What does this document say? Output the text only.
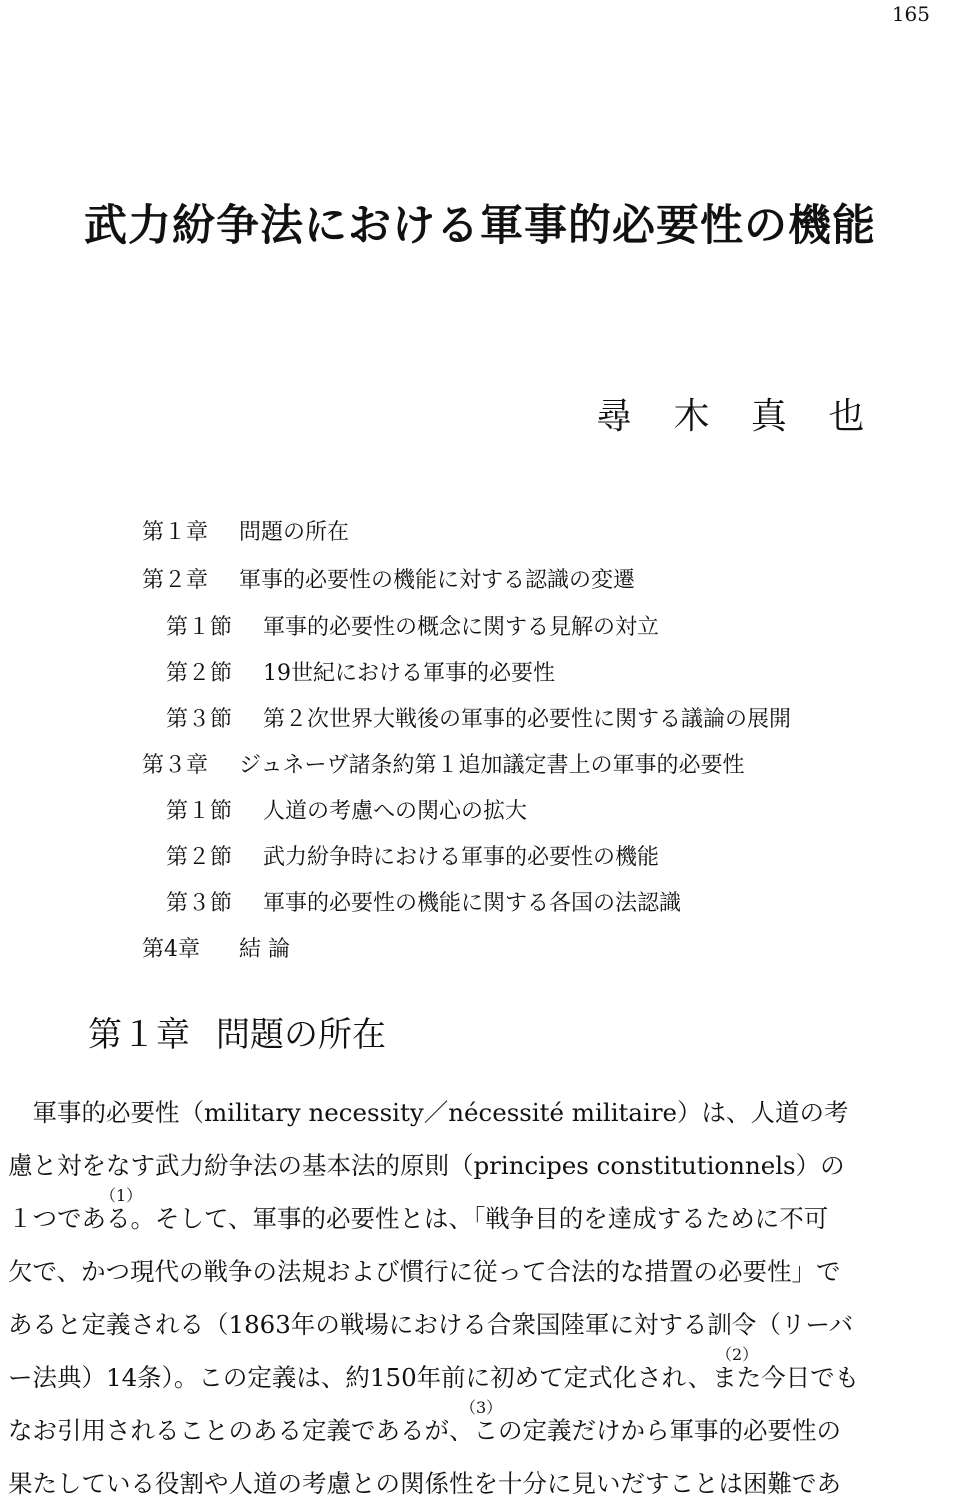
165
武力紛争法における軍事的必要性の機能
尋 木 真 也
第１章 問題の所在
第２章 軍事的必要性の機能に対する認識の変遷
第１節 軍事的必要性の概念に関する見解の対立
第２節 19世紀における軍事的必要性
第３節 第２次世界大戦後の軍事的必要性に関する議論の展開
第３章 ジュネーヴ諸条約第１追加議定書上の軍事的必要性
第１節 人道の考慮への関心の拡大
第２節 武力紛争時における軍事的必要性の機能
第３節 軍事的必要性の機能に関する各国の法認識
第4章 結 論
第１章 問題の所在
　軍事的必要性（military necessity／nécessité militaire）は、人道の考
慮と対をなす武力紛争法の基本法的原則（principes constitutionnels）の
１つである。そして、軍事的必要性とは、「戦争目的を達成するために不可
欠で、かつ現代の戦争の法規および慣行に従って合法的な措置の必要性」で
あると定義される（1863年の戦場における合衆国陸軍に対する訓令（リーバ
ー法典）14条）。この定義は、約150年前に初めて定式化され、また今日でも
なお引用されることのある定義であるが、この定義だけから軍事的必要性の
果たしている役割や人道の考慮との関係性を十分に見いだすことは困難であ
（1）
（2）
（3）
